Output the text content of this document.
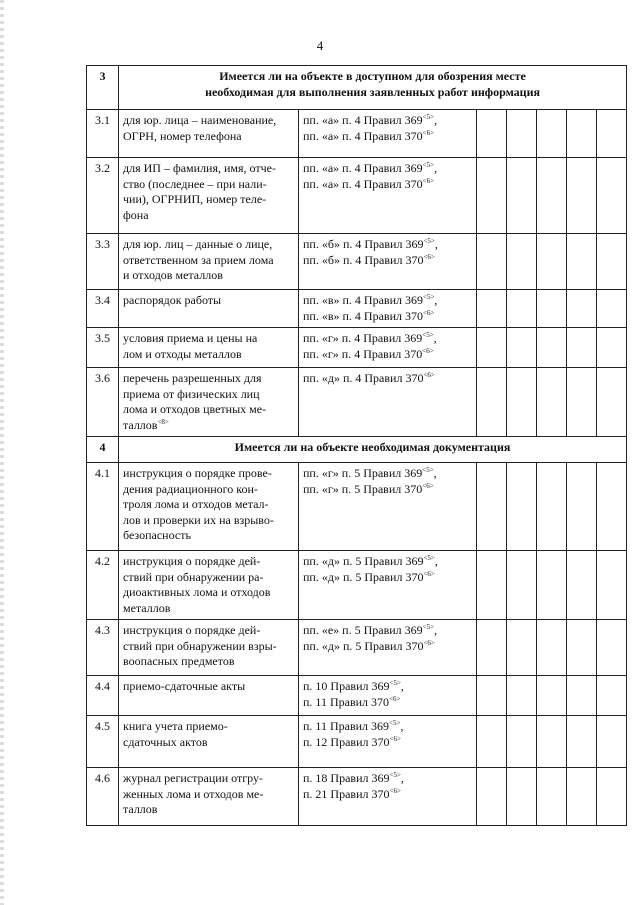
4
3	Имеется ли на объекте в доступном для обозрения месте
необходимая для выполнения заявленных работ информация						

3.1	для юр. лица – наименование,
ОГРН, номер телефона	пп. «а» п. 4 Правил $369^{<5>}$,
пп. «а» п. 4 Правил $370^{<6>}$

3.2	для ИП – фамилия, имя, отче-
ство (последнее – при нали-
чии), ОГРНИП, номер теле-
фона	пп. «а» п. 4 Правил $369^{<5>}$,
пп. «а» п. 4 Правил $370^{<6>}$

3.3	для юр. лиц – данные о лице,
ответственном за прием лома
и отходов металлов	пп. «б» п. 4 Правил $369^{<5>}$,
пп. «б» п. 4 Правил $370^{<6>}$

3.4	распорядок работы	пп. «в» п. 4 Правил $369^{<5>}$,
пп. «в» п. 4 Правил $370^{<6>}$

3.5	условия приема и цены на
лом и отходы металлов	пп. «г» п. 4 Правил $369^{<5>}$,
пп. «г» п. 4 Правил $370^{<6>}$

3.6	перечень разрешенных для
приема от физических лиц
лома и отходов цветных ме-
таллов$^{<8>}$	пп. «д» п. 4 Правил $370^{<6>}$

4	Имеется ли на объекте необходимая документация						

4.1	инструкция о порядке прове-
дения радиационного кон-
троля лома и отходов метал-
лов и проверки их на взрыво-
безопасность	пп. «г» п. 5 Правил $369^{<5>}$,
пп. «г» п. 5 Правил $370^{<6>}$

4.2	инструкция о порядке дей-
ствий при обнаружении ра-
диоактивных лома и отходов
металлов	пп. «д» п. 5 Правил $369^{<5>}$,
пп. «д» п. 5 Правил $370^{<6>}$

4.3	инструкция о порядке дей-
ствий при обнаружении взры-
воопасных предметов	пп. «е» п. 5 Правил $369^{<5>}$,
пп. «д» п. 5 Правил $370^{<6>}$

4.4	приемо-сдаточные акты	п. 10 Правил $369^{<5>}$,
п. 11 Правил $370^{<6>}$

4.5	книга учета приемо-
сдаточных актов	п. 11 Правил $369^{<5>}$,
п. 12 Правил $370^{<6>}$

4.6	журнал регистрации отгру-
женных лома и отходов ме-
таллов	п. 18 Правил $369^{<5>}$,
п. 21 Правил $370^{<6>}$
